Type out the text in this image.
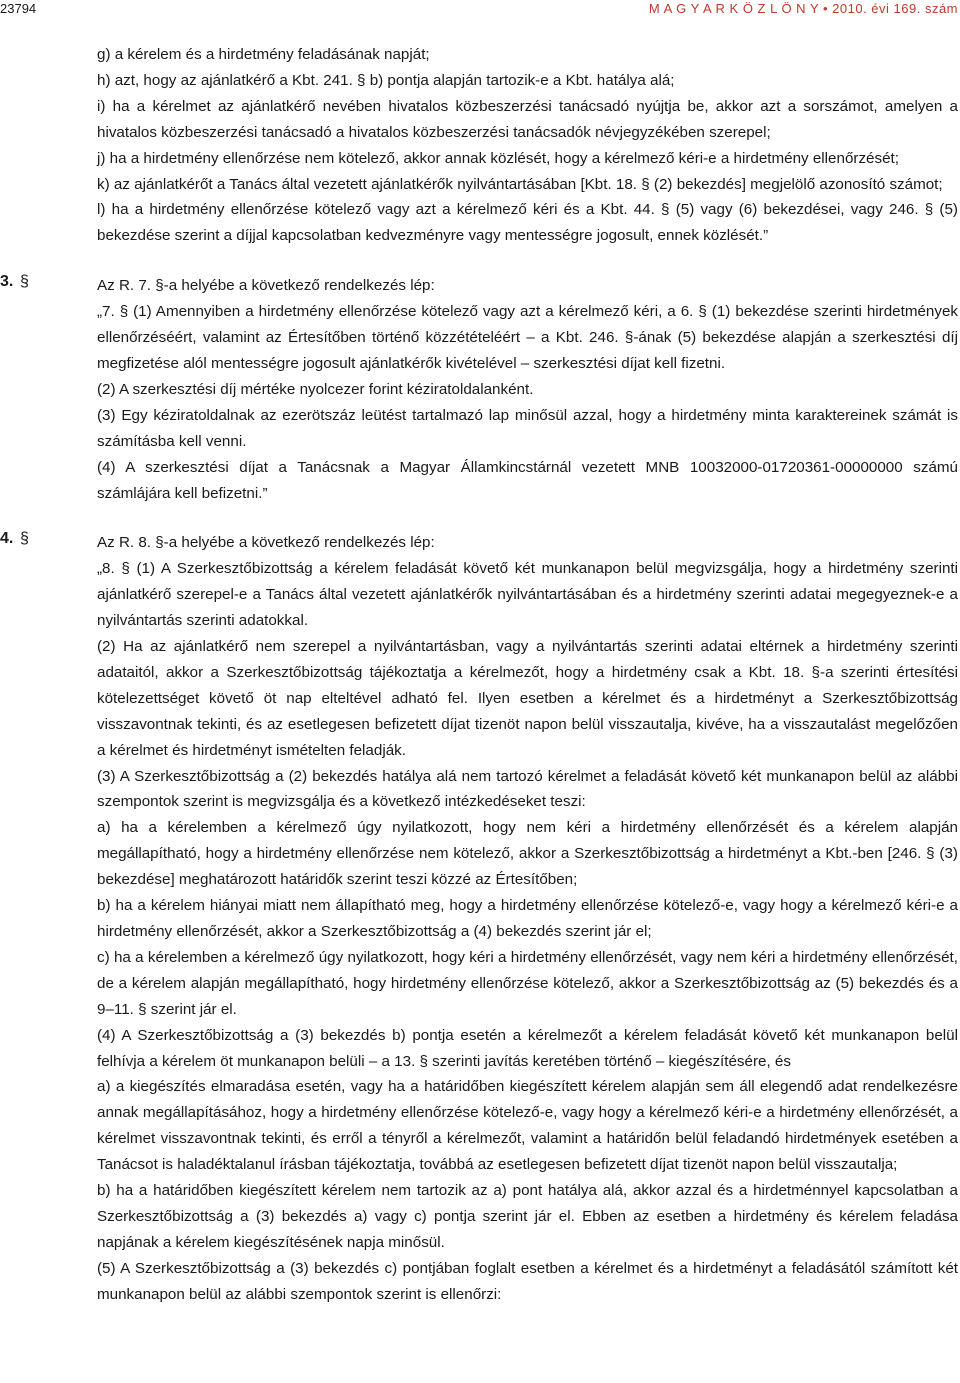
23794	M A G Y A R K Ö Z L Ö N Y • 2010. évi 169. szám

g) a kérelem és a hirdetmény feladásának napját;

h) azt, hogy az ajánlatkérő a Kbt. 241. § b) pontja alapján tartozik-e a Kbt. hatálya alá;

i) ha a kérelmet az ajánlatkérő nevében hivatalos közbeszerzési tanácsadó nyújtja be, akkor azt a sorszámot, amelyen a hivatalos közbeszerzési tanácsadó a hivatalos közbeszerzési tanácsadók névjegyzékében szerepel;

j) ha a hirdetmény ellenőrzése nem kötelező, akkor annak közlését, hogy a kérelmező kéri-e a hirdetmény ellenőrzését;

k) az ajánlatkérőt a Tanács által vezetett ajánlatkérők nyilvántartásában [Kbt. 18. § (2) bekezdés] megjelölő azonosító számot;

l) ha a hirdetmény ellenőrzése kötelező vagy azt a kérelmező kéri és a Kbt. 44. § (5) vagy (6) bekezdései, vagy 246. § (5) bekezdése szerint a díjjal kapcsolatban kedvezményre vagy mentességre jogosult, ennek közlését.”

3. §	Az R. 7. §-a helyébe a következő rendelkezés lép:

„7. § (1) Amennyiben a hirdetmény ellenőrzése kötelező vagy azt a kérelmező kéri, a 6. § (1) bekezdése szerinti hirdetmények ellenőrzéséért, valamint az Értesítőben történő közzétételéért – a Kbt. 246. §-ának (5) bekezdése alapján a szerkesztési díj megfizetése alól mentességre jogosult ajánlatkérők kivételével – szerkesztési díjat kell fizetni.

(2) A szerkesztési díj mértéke nyolcezer forint kéziratoldalanként.

(3) Egy kéziratoldalnak az ezerötszáz leütést tartalmazó lap minősül azzal, hogy a hirdetmény minta karaktereinek számát is számításba kell venni.

(4) A szerkesztési díjat a Tanácsnak a Magyar Államkincstárnál vezetett MNB 10032000-01720361-00000000 számú számlájára kell befizetni.”

4. §	Az R. 8. §-a helyébe a következő rendelkezés lép:

„8. § (1) A Szerkesztőbizottság a kérelem feladását követő két munkanapon belül megvizsgálja, hogy a hirdetmény szerinti ajánlatkérő szerepel-e a Tanács által vezetett ajánlatkérők nyilvántartásában és a hirdetmény szerinti adatai megegyeznek-e a nyilvántartás szerinti adatokkal.

(2) Ha az ajánlatkérő nem szerepel a nyilvántartásban, vagy a nyilvántartás szerinti adatai eltérnek a hirdetmény szerinti adataitól, akkor a Szerkesztőbizottság tájékoztatja a kérelmezőt, hogy a hirdetmény csak a Kbt. 18. §-a szerinti értesítési kötelezettséget követő öt nap elteltével adható fel. Ilyen esetben a kérelmet és a hirdetményt a Szerkesztőbizottság visszavontnak tekinti, és az esetlegesen befizetett díjat tizenöt napon belül visszautalja, kivéve, ha a visszautalást megelőzően a kérelmet és hirdetményt ismételten feladják.

(3) A Szerkesztőbizottság a (2) bekezdés hatálya alá nem tartozó kérelmet a feladását követő két munkanapon belül az alábbi szempontok szerint is megvizsgálja és a következő intézkedéseket teszi:

a) ha a kérelemben a kérelmező úgy nyilatkozott, hogy nem kéri a hirdetmény ellenőrzését és a kérelem alapján megállapítható, hogy a hirdetmény ellenőrzése nem kötelező, akkor a Szerkesztőbizottság a hirdetményt a Kbt.-ben [246. § (3) bekezdése] meghatározott határidők szerint teszi közzé az Értesítőben;

b) ha a kérelem hiányai miatt nem állapítható meg, hogy a hirdetmény ellenőrzése kötelező-e, vagy hogy a kérelmező kéri-e a hirdetmény ellenőrzését, akkor a Szerkesztőbizottság a (4) bekezdés szerint jár el;

c) ha a kérelemben a kérelmező úgy nyilatkozott, hogy kéri a hirdetmény ellenőrzését, vagy nem kéri a hirdetmény ellenőrzését, de a kérelem alapján megállapítható, hogy hirdetmény ellenőrzése kötelező, akkor a Szerkesztőbizottság az (5) bekezdés és a 9–11. § szerint jár el.

(4) A Szerkesztőbizottság a (3) bekezdés b) pontja esetén a kérelmezőt a kérelem feladását követő két munkanapon belül felhívja a kérelem öt munkanapon belüli – a 13. § szerinti javítás keretében történő – kiegészítésére, és

a) a kiegészítés elmaradása esetén, vagy ha a határidőben kiegészített kérelem alapján sem áll elegendő adat rendelkezésre annak megállapításához, hogy a hirdetmény ellenőrzése kötelező-e, vagy hogy a kérelmező kéri-e a hirdetmény ellenőrzését, a kérelmet visszavontnak tekinti, és erről a tényről a kérelmezőt, valamint a határidőn belül feladandó hirdetmények esetében a Tanácsot is haladéktalanul írásban tájékoztatja, továbbá az esetlegesen befizetett díjat tizenöt napon belül visszautalja;

b) ha a határidőben kiegészített kérelem nem tartozik az a) pont hatálya alá, akkor azzal és a hirdetménnyel kapcsolatban a Szerkesztőbizottság a (3) bekezdés a) vagy c) pontja szerint jár el. Ebben az esetben a hirdetmény és kérelem feladása napjának a kérelem kiegészítésének napja minősül.

(5) A Szerkesztőbizottság a (3) bekezdés c) pontjában foglalt esetben a kérelmet és a hirdetményt a feladásától számított két munkanapon belül az alábbi szempontok szerint is ellenőrzi:
